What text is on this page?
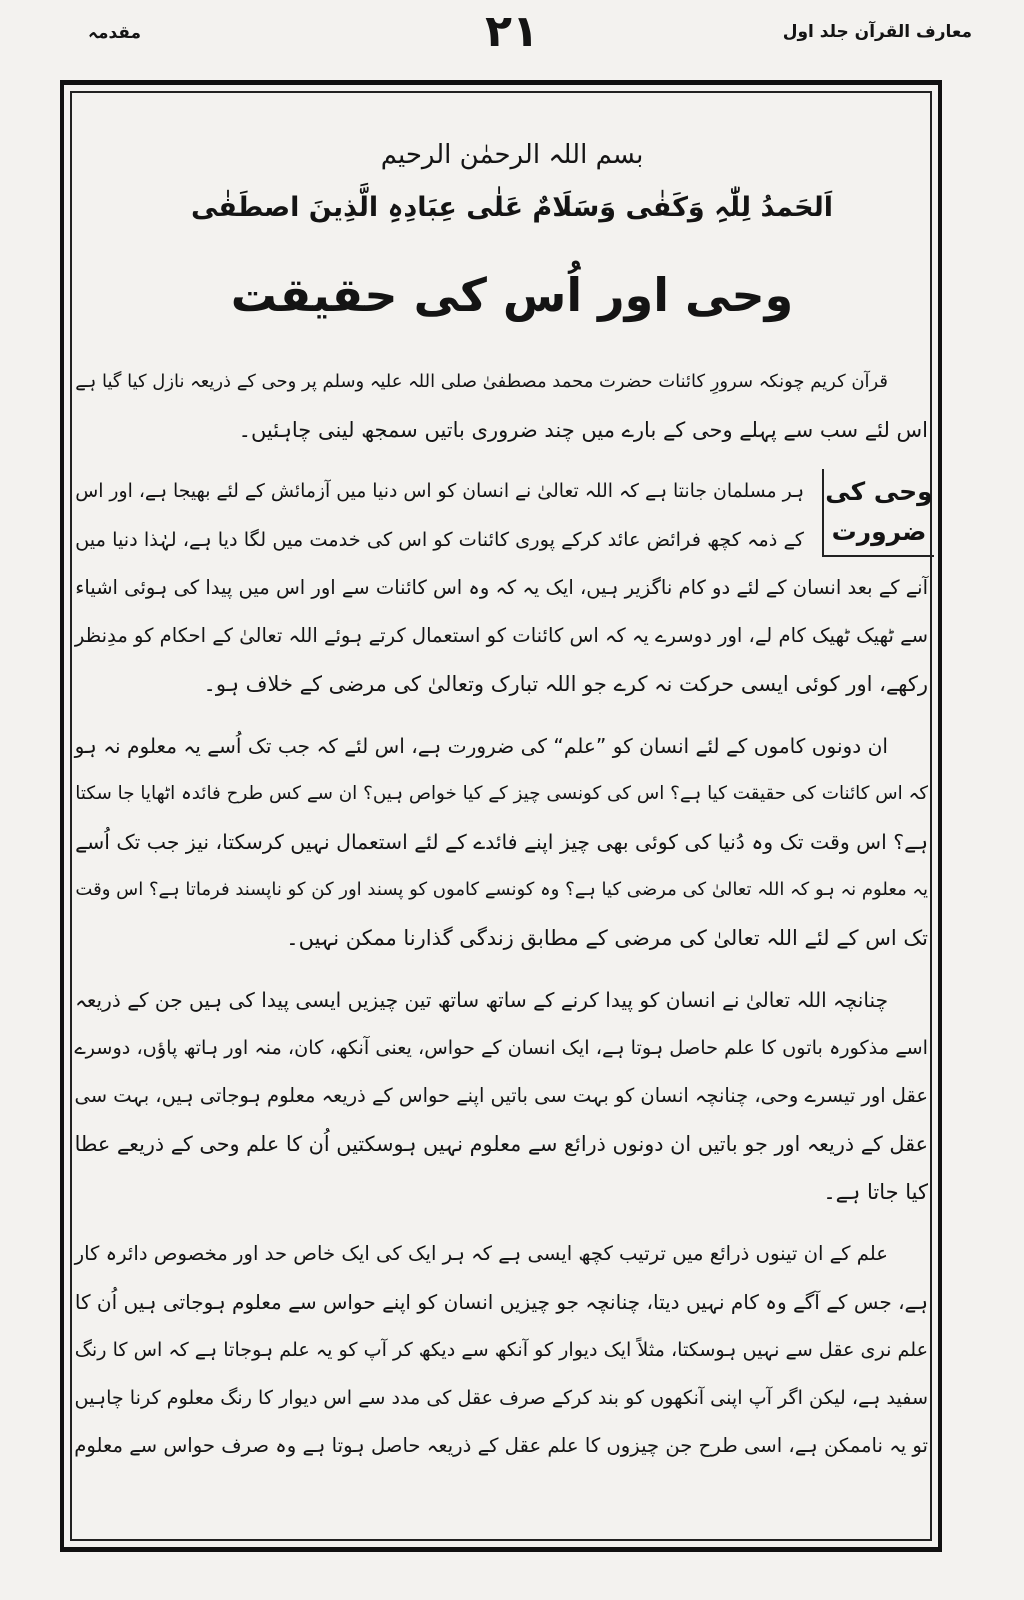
معارف القرآن جلد اول
۲۱
مقدمہ
بسم اللہ الرحمٰن الرحیم
اَلحَمدُ لِلّٰہِ وَکَفٰی وَسَلَامٌ عَلٰی عِبَادِہِ الَّذِینَ اصطَفٰی
وحی اور اُس کی حقیقت
وحی کی ضرورت
قرآن کریم چونکہ سرورِ کائنات حضرت محمد مصطفیٰ صلی اللہ علیہ وسلم پر وحی کے ذریعہ نازل کیا گیا ہے
اس لئے سب سے پہلے وحی کے بارے میں چند ضروری باتیں سمجھ لینی چاہئیں۔
ہر مسلمان جانتا ہے کہ اللہ تعالیٰ نے انسان کو اس دنیا میں آزمائش کے لئے بھیجا ہے، اور اس
کے ذمہ کچھ فرائض عائد کرکے پوری کائنات کو اس کی خدمت میں لگا دیا ہے، لہٰذا دنیا میں
آنے کے بعد انسان کے لئے دو کام ناگزیر ہیں، ایک یہ کہ وہ اس کائنات سے اور اس میں پیدا کی ہوئی اشیاء
سے ٹھیک ٹھیک کام لے، اور دوسرے یہ کہ اس کائنات کو استعمال کرتے ہوئے اللہ تعالیٰ کے احکام کو مدِنظر
رکھے، اور کوئی ایسی حرکت نہ کرے جو اللہ تبارک وتعالیٰ کی مرضی کے خلاف ہو۔
ان دونوں کاموں کے لئے انسان کو ”علم“ کی ضرورت ہے، اس لئے کہ جب تک اُسے یہ معلوم نہ ہو
کہ اس کائنات کی حقیقت کیا ہے؟ اس کی کونسی چیز کے کیا خواص ہیں؟ ان سے کس طرح فائدہ اٹھایا جا سکتا
ہے؟ اس وقت تک وہ دُنیا کی کوئی بھی چیز اپنے فائدے کے لئے استعمال نہیں کرسکتا، نیز جب تک اُسے
یہ معلوم نہ ہو کہ اللہ تعالیٰ کی مرضی کیا ہے؟ وہ کونسے کاموں کو پسند اور کن کو ناپسند فرماتا ہے؟ اس وقت
تک اس کے لئے اللہ تعالیٰ کی مرضی کے مطابق زندگی گذارنا ممکن نہیں۔
چنانچہ اللہ تعالیٰ نے انسان کو پیدا کرنے کے ساتھ ساتھ تین چیزیں ایسی پیدا کی ہیں جن کے ذریعہ
اسے مذکورہ باتوں کا علم حاصل ہوتا ہے، ایک انسان کے حواس، یعنی آنکھ، کان، منہ اور ہاتھ پاؤں، دوسرے
عقل اور تیسرے وحی، چنانچہ انسان کو بہت سی باتیں اپنے حواس کے ذریعہ معلوم ہوجاتی ہیں، بہت سی
عقل کے ذریعہ اور جو باتیں ان دونوں ذرائع سے معلوم نہیں ہوسکتیں اُن کا علم وحی کے ذریعے عطا
کیا جاتا ہے۔
علم کے ان تینوں ذرائع میں ترتیب کچھ ایسی ہے کہ ہر ایک کی ایک خاص حد اور مخصوص دائرہ کار
ہے، جس کے آگے وہ کام نہیں دیتا، چنانچہ جو چیزیں انسان کو اپنے حواس سے معلوم ہوجاتی ہیں اُن کا
علم نری عقل سے نہیں ہوسکتا، مثلاً ایک دیوار کو آنکھ سے دیکھ کر آپ کو یہ علم ہوجاتا ہے کہ اس کا رنگ
سفید ہے، لیکن اگر آپ اپنی آنکھوں کو بند کرکے صرف عقل کی مدد سے اس دیوار کا رنگ معلوم کرنا چاہیں
تو یہ ناممکن ہے، اسی طرح جن چیزوں کا علم عقل کے ذریعہ حاصل ہوتا ہے وہ صرف حواس سے معلوم
